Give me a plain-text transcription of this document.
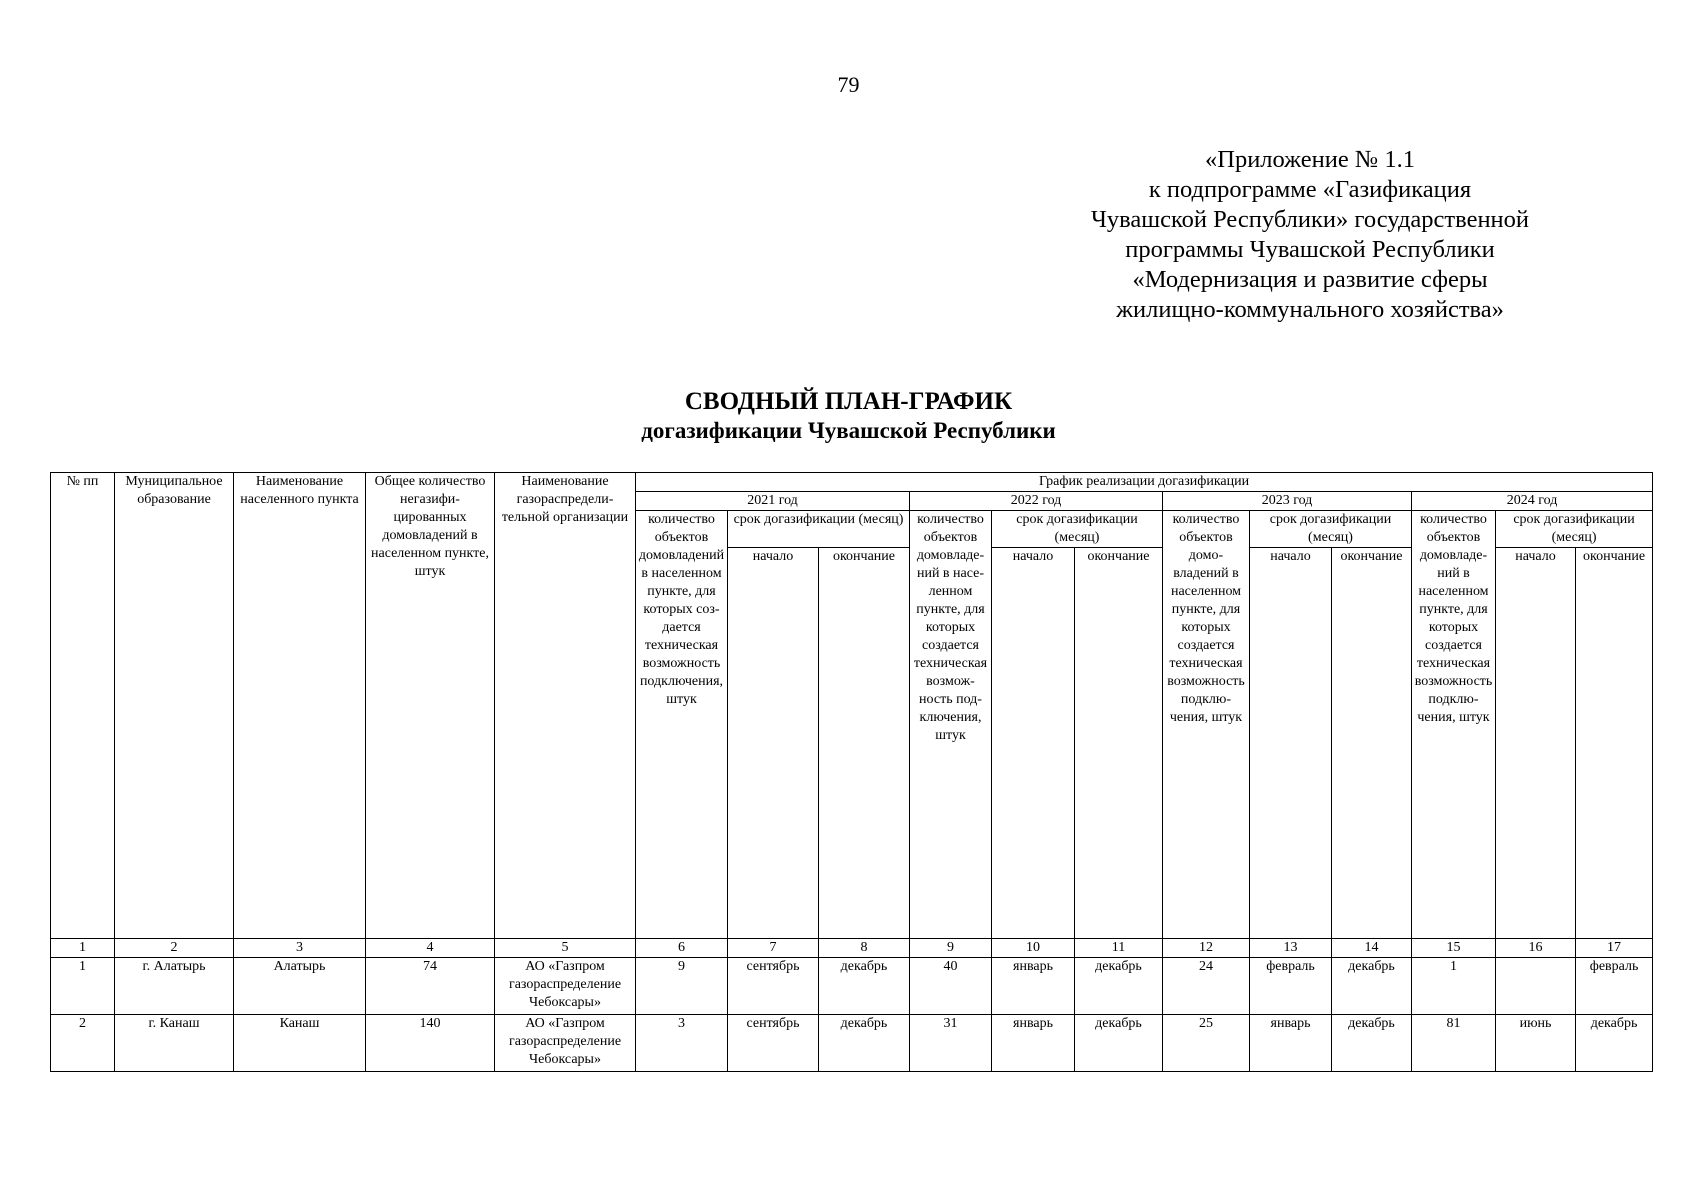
79
«Приложение № 1.1
к подпрограмме «Газификация
Чувашской Республики» государственной
программы Чувашской Республики
«Модернизация и развитие сферы
жилищно-коммунального хозяйства»
СВОДНЫЙ ПЛАН-ГРАФИК
догазификации Чувашской Республики
№ пп	Муниципальное образование	Наименование населенного пункта	Общее количество негазифицированных домовладений в населенном пункте, штук	Наименование газораспределительной организации	График реализации догазификации											
					2021 год			2022 год			2023 год			2024 год		
					количество объектов домовладений в населенном пункте, для которых создается техническая возможность подключения, штук	срок догазификации (месяц)		количество объектов домовладений в населенном пункте, для которых создается техническая возможность подключения, штук	срок догазификации (месяц)		количество объектов домовладений в населенном пункте, для которых создается техническая возможность подключения, штук	срок догазификации (месяц)		количество объектов домовладений в населенном пункте, для которых создается техническая возможность подключения, штук	срок догазификации (месяц)	
						начало	окончание		начало	окончание		начало	окончание		начало	окончание
1	2	3	4	5	6	7	8	9	10	11	12	13	14	15	16	17
1	г. Алатырь	Алатырь	74	АО «Газпром газораспределение Чебоксары»	9	сентябрь	декабрь	40	январь	декабрь	24	февраль	декабрь	1		февраль
2	г. Канаш	Канаш	140	АО «Газпром газораспределение Чебоксары»	3	сентябрь	декабрь	31	январь	декабрь	25	январь	декабрь	81	июнь	декабрь
